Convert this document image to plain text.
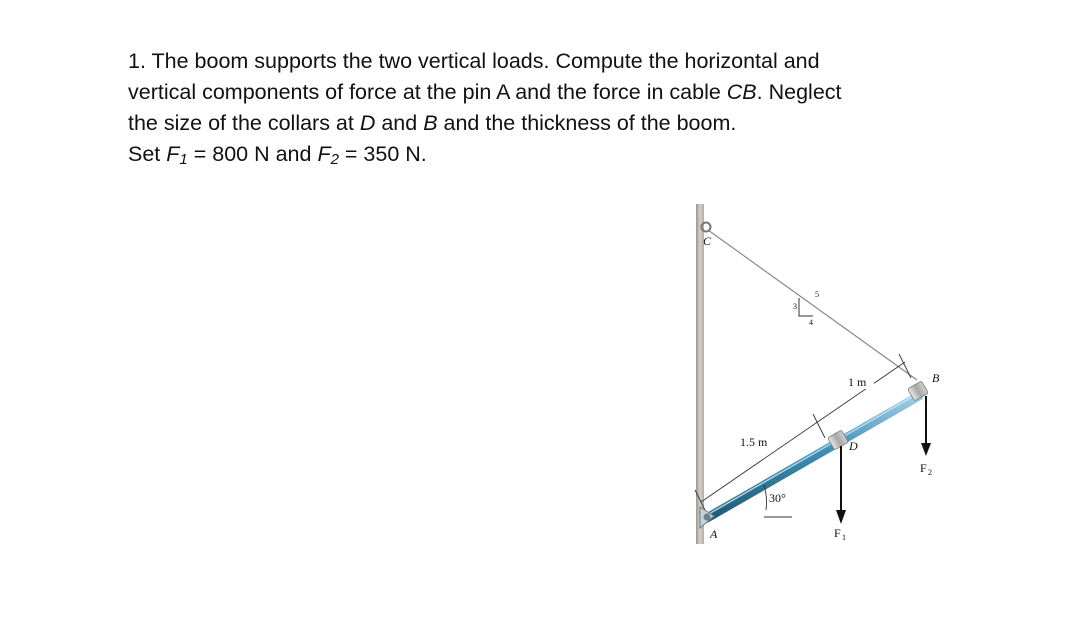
1. The boom supports the two vertical loads. Compute the horizontal and
vertical components of force at the pin A and the force in cable CB. Neglect
the size of the collars at D and B and the thickness of the boom.
Set $F_1 = 800$ N and $F_2 = 350$ N.
C
3
4
5
1.5 m
1 m
A
30°
D
B
F 1
F 2
